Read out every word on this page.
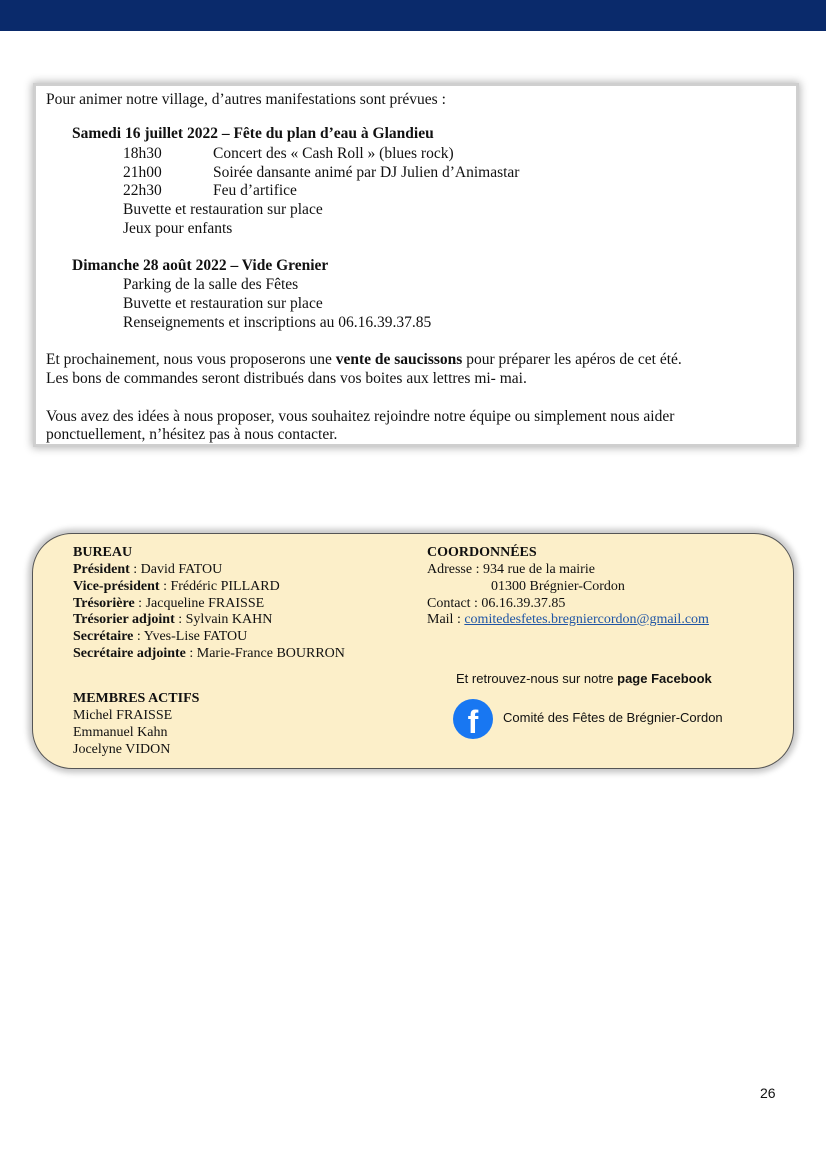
Pour animer notre village, d’autres manifestations sont prévues :
Samedi 16 juillet 2022 – Fête du plan d’eau à Glandieu
18h30	Concert des « Cash Roll » (blues rock)
21h00	Soirée dansante animé par DJ Julien d’Animastar
22h30	Feu d’artifice
Buvette et restauration sur place
Jeux pour enfants
Dimanche 28 août 2022 – Vide Grenier
Parking de la salle des Fêtes
Buvette et restauration sur place
Renseignements et inscriptions au 06.16.39.37.85
Et prochainement, nous vous proposerons une vente de saucissons pour préparer les apéros de cet été.
Les bons de commandes seront distribués dans vos boites aux lettres mi- mai.
Vous avez des idées à nous proposer, vous souhaitez rejoindre notre équipe ou simplement nous aider
ponctuellement, n’hésitez pas à nous contacter.
BUREAU
Président : David FATOU
Vice-président : Frédéric PILLARD
Trésorière : Jacqueline FRAISSE
Trésorier adjoint : Sylvain KAHN
Secrétaire : Yves-Lise FATOU
Secrétaire adjointe : Marie-France BOURRON
MEMBRES ACTIFS
Michel FRAISSE
Emmanuel Kahn
Jocelyne VIDON
COORDONNÉES
Adresse : 934 rue de la mairie
01300 Brégnier-Cordon
Contact : 06.16.39.37.85
Mail : comitedesfetes.bregniercordon@gmail.com
Et retrouvez-nous sur notre page Facebook
f	Comité des Fêtes de Brégnier-Cordon
26
